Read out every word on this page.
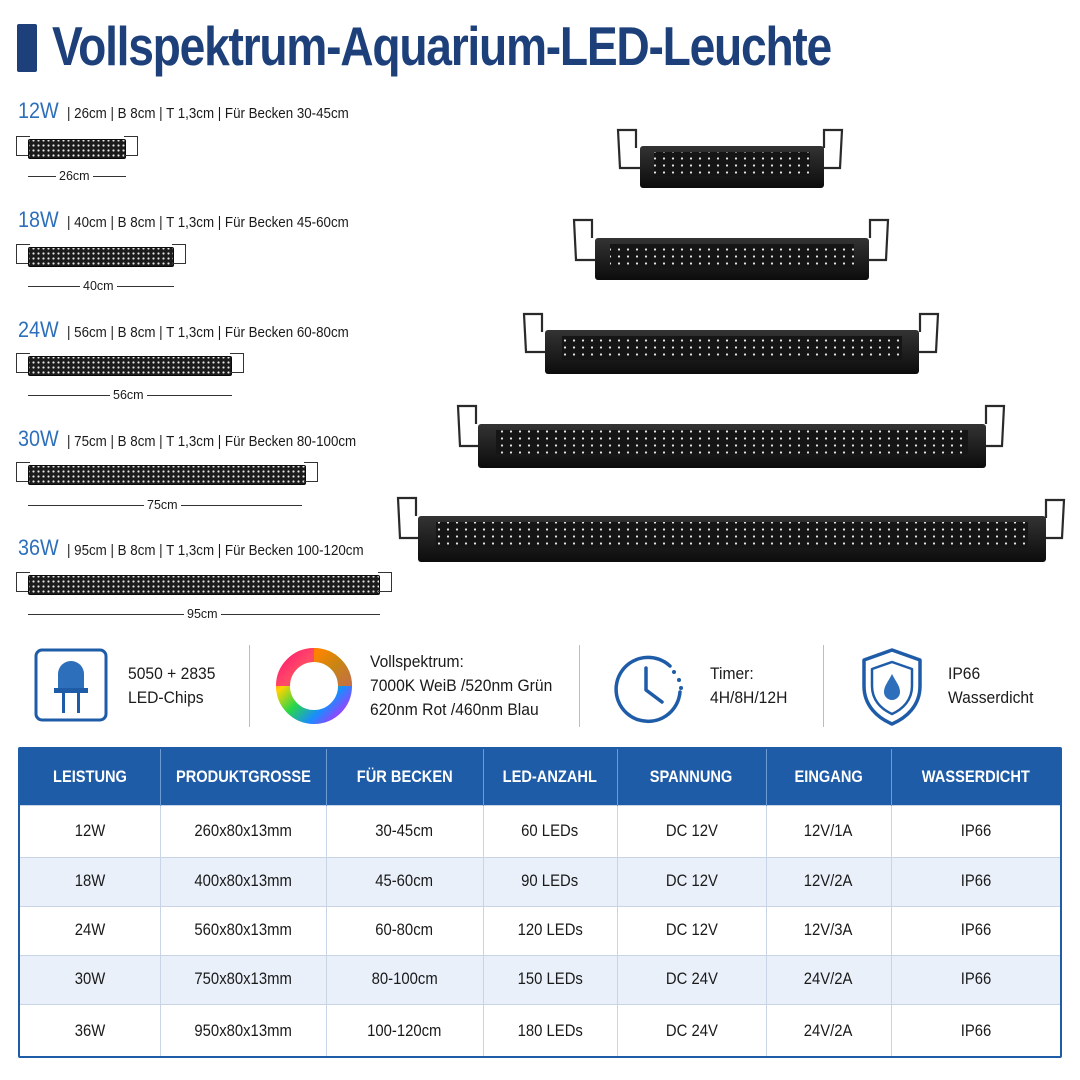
Vollspektrum-Aquarium-LED-Leuchte
12W | 26cm | B 8cm | T 1,3cm | Für Becken 30-45cm
26cm
18W | 40cm | B 8cm | T 1,3cm | Für Becken 45-60cm
40cm
24W | 56cm | B 8cm | T 1,3cm | Für Becken 60-80cm
56cm
30W | 75cm | B 8cm | T 1,3cm | Für Becken 80-100cm
75cm
36W | 95cm | B 8cm | T 1,3cm | Für Becken 100-120cm
95cm
5050 + 2835
LED-Chips
Vollspektrum:
7000K WeiB /520nm Grün
620nm Rot /460nm Blau
Timer:
4H/8H/12H
IP66
Wasserdicht
LEISTUNG	PRODUKTGROSSE	FÜR BECKEN	LED-ANZAHL	SPANNUNG	EINGANG	WASSERDICHT
12W	260x80x13mm	30-45cm	60 LEDs	DC 12V	12V/1A	IP66
18W	400x80x13mm	45-60cm	90 LEDs	DC 12V	12V/2A	IP66
24W	560x80x13mm	60-80cm	120 LEDs	DC 12V	12V/3A	IP66
30W	750x80x13mm	80-100cm	150 LEDs	DC 24V	24V/2A	IP66
36W	950x80x13mm	100-120cm	180 LEDs	DC 24V	24V/2A	IP66
